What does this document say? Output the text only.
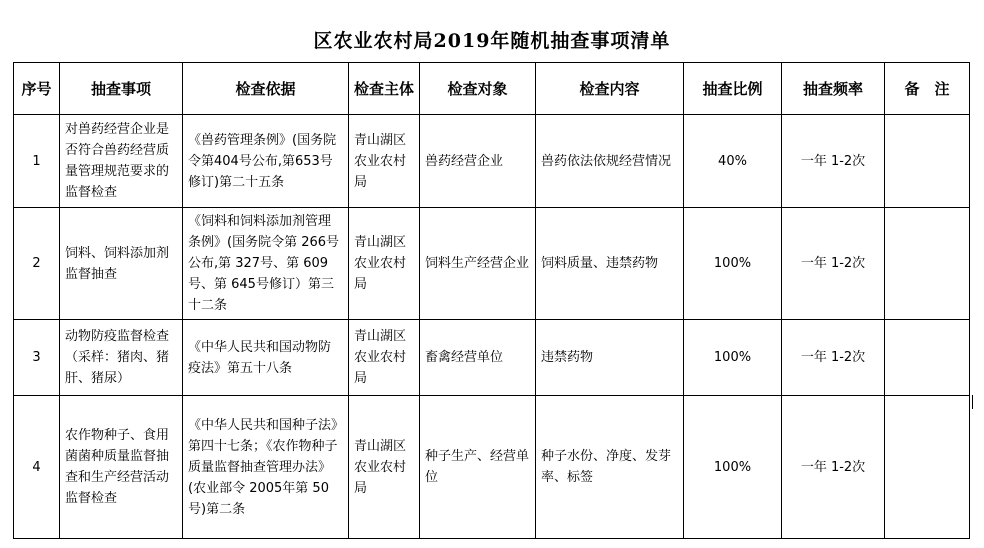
区农业农村局2019年随机抽查事项清单
序号	抽查事项	检查依据	检查主体	检查对象	检查内容	抽查比例	抽查频率	备　注
1	对兽药经营企业是否符合兽药经营质量管理规范要求的监督检查	《兽药管理条例》(国务院令第404号公布,第653号修订)第二十五条	青山湖区农业农村局	兽药经营企业	兽药依法依规经营情况	40%	一年 1-2次	
2	饲料、饲料添加剂监督抽查	《饲料和饲料添加剂管理条例》(国务院令第 266号公布,第 327号、第 609号、第 645号修订）第三十二条	青山湖区农业农村局	饲料生产经营企业	饲料质量、违禁药物	100%	一年 1-2次	
3	动物防疫监督检查 （采样：猪肉、猪肝、猪尿）	《中华人民共和国动物防疫法》第五十八条	青山湖区农业农村局	畜禽经营单位	违禁药物	100%	一年 1-2次	
4	农作物种子、食用菌菌种质量监督抽查和生产经营活动监督检查	《中华人民共和国种子法》第四十七条；《农作物种子质量监督抽查管理办法》(农业部令 2005年第 50号)第二条	青山湖区农业农村局	种子生产、经营单位	种子水份、净度、发芽率、标签	100%	一年 1-2次	
